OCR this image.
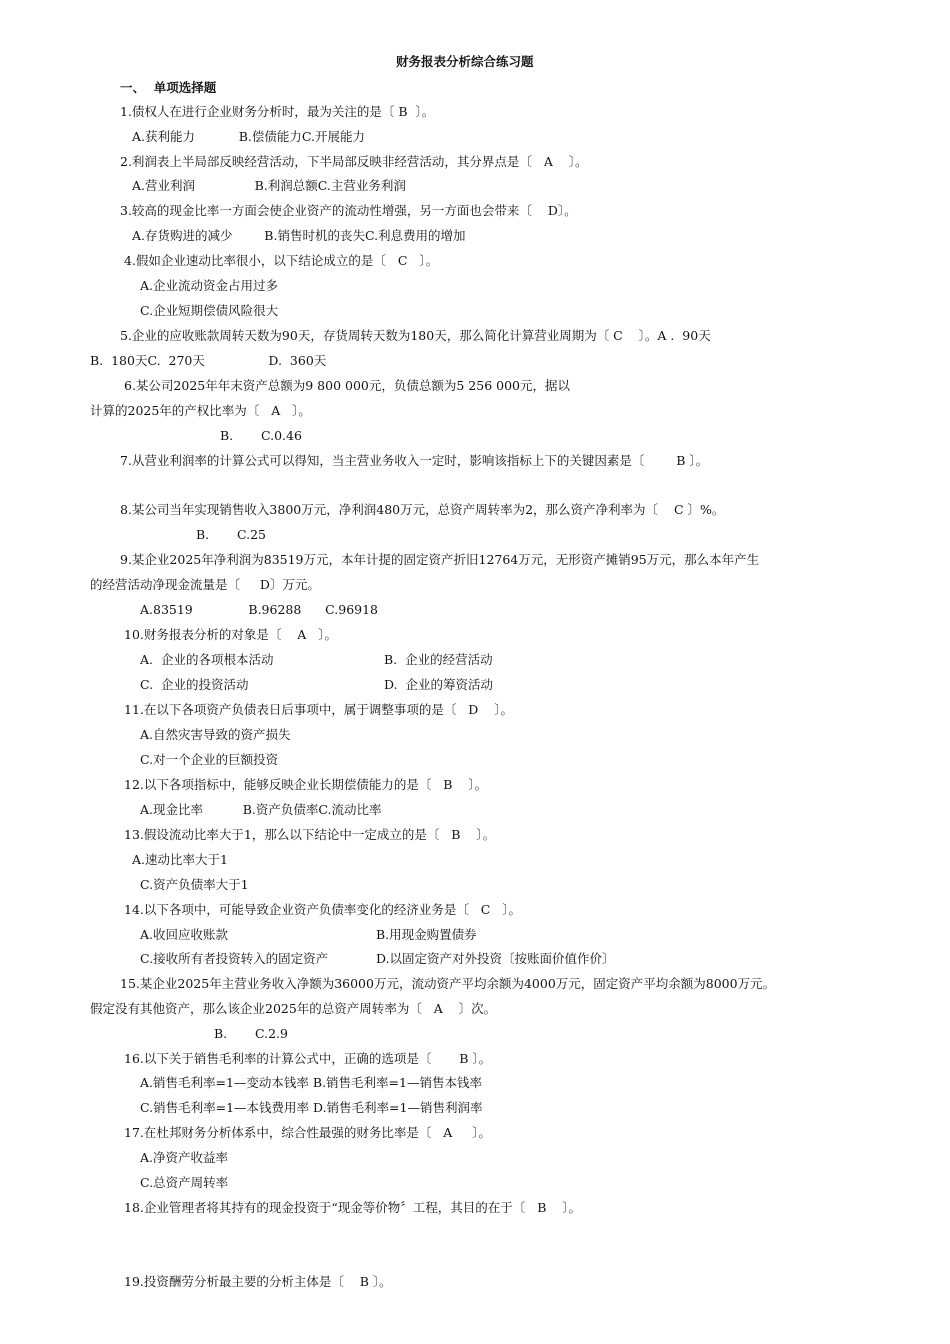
财务报表分析综合练习题
一、  单项选择题
1.债权人在进行企业财务分析时，最为关注的是〔 B  〕。
A.获利能力           B.偿债能力C.开展能力
2.利润表上半局部反映经营活动，下半局部反映非经营活动，其分界点是〔   A    〕。
A.营业利润               B.利润总额C.主营业务利润
3.较高的现金比率一方面会使企业资产的流动性增强，另一方面也会带来〔    D〕。
A.存货购进的减少        B.销售时机的丧失C.利息费用的增加
4.假如企业速动比率很小，以下结论成立的是〔   C   〕。
A.企业流动资金占用过多
C.企业短期偿债风险很大
5.企业的应收账款周转天数为90天，存货周转天数为180天，那么简化计算营业周期为〔 C    〕。A .  90天
B.  180天C.  270天                D.  360天
6.某公司2025年年末资产总额为9 800 000元，负债总额为5 256 000元，据以
计算的2025年的产权比率为〔   A   〕。
B.       C.0.46
7.从营业利润率的计算公式可以得知，当主营业务收入一定时，影响该指标上下的关键因素是〔        B 〕。
8.某公司当年实现销售收入3800万元，净利润480万元，总资产周转率为2，那么资产净利率为〔    C 〕%。
B.       C.25
9.某企业2025年净利润为83519万元，本年计提的固定资产折旧12764万元，无形资产摊销95万元，那么本年产生
的经营活动净现金流量是〔     D〕万元。
A.83519              B.96288      C.96918
10.财务报表分析的对象是〔    A   〕。
A.  企业的各项根本活动	B.  企业的经营活动
C.  企业的投资活动	D.  企业的筹资活动
11.在以下各项资产负债表日后事项中，属于调整事项的是〔   D    〕。
A.自然灾害导致的资产损失
C.对一个企业的巨额投资
12.以下各项指标中，能够反映企业长期偿债能力的是〔   B    〕。
A.现金比率          B.资产负债率C.流动比率
13.假设流动比率大于1，那么以下结论中一定成立的是〔   B    〕。
A.速动比率大于1
C.资产负债率大于1
14.以下各项中，可能导致企业资产负债率变化的经济业务是〔   C   〕。
A.收回应收账款	B.用现金购置债券
C.接收所有者投资转入的固定资产	D.以固定资产对外投资〔按账面价值作价〕
15.某企业2025年主营业务收入净额为36000万元，流动资产平均余额为4000万元，固定资产平均余额为8000万元。
假定没有其他资产，那么该企业2025年的总资产周转率为〔   A    〕次。
B.       C.2.9
16.以下关于销售毛利率的计算公式中，正确的选项是〔       B 〕。
A.销售毛利率=1—变动本钱率 B.销售毛利率=1—销售本钱率
C.销售毛利率=1—本钱费用率 D.销售毛利率=1—销售利润率
17.在杜邦财务分析体系中，综合性最强的财务比率是〔   A     〕。
A.净资产收益率
C.总资产周转率
18.企业管理者将其持有的现金投资于“现金等价物〞工程，其目的在于〔   B    〕。
19.投资酬劳分析最主要的分析主体是〔    B 〕。
